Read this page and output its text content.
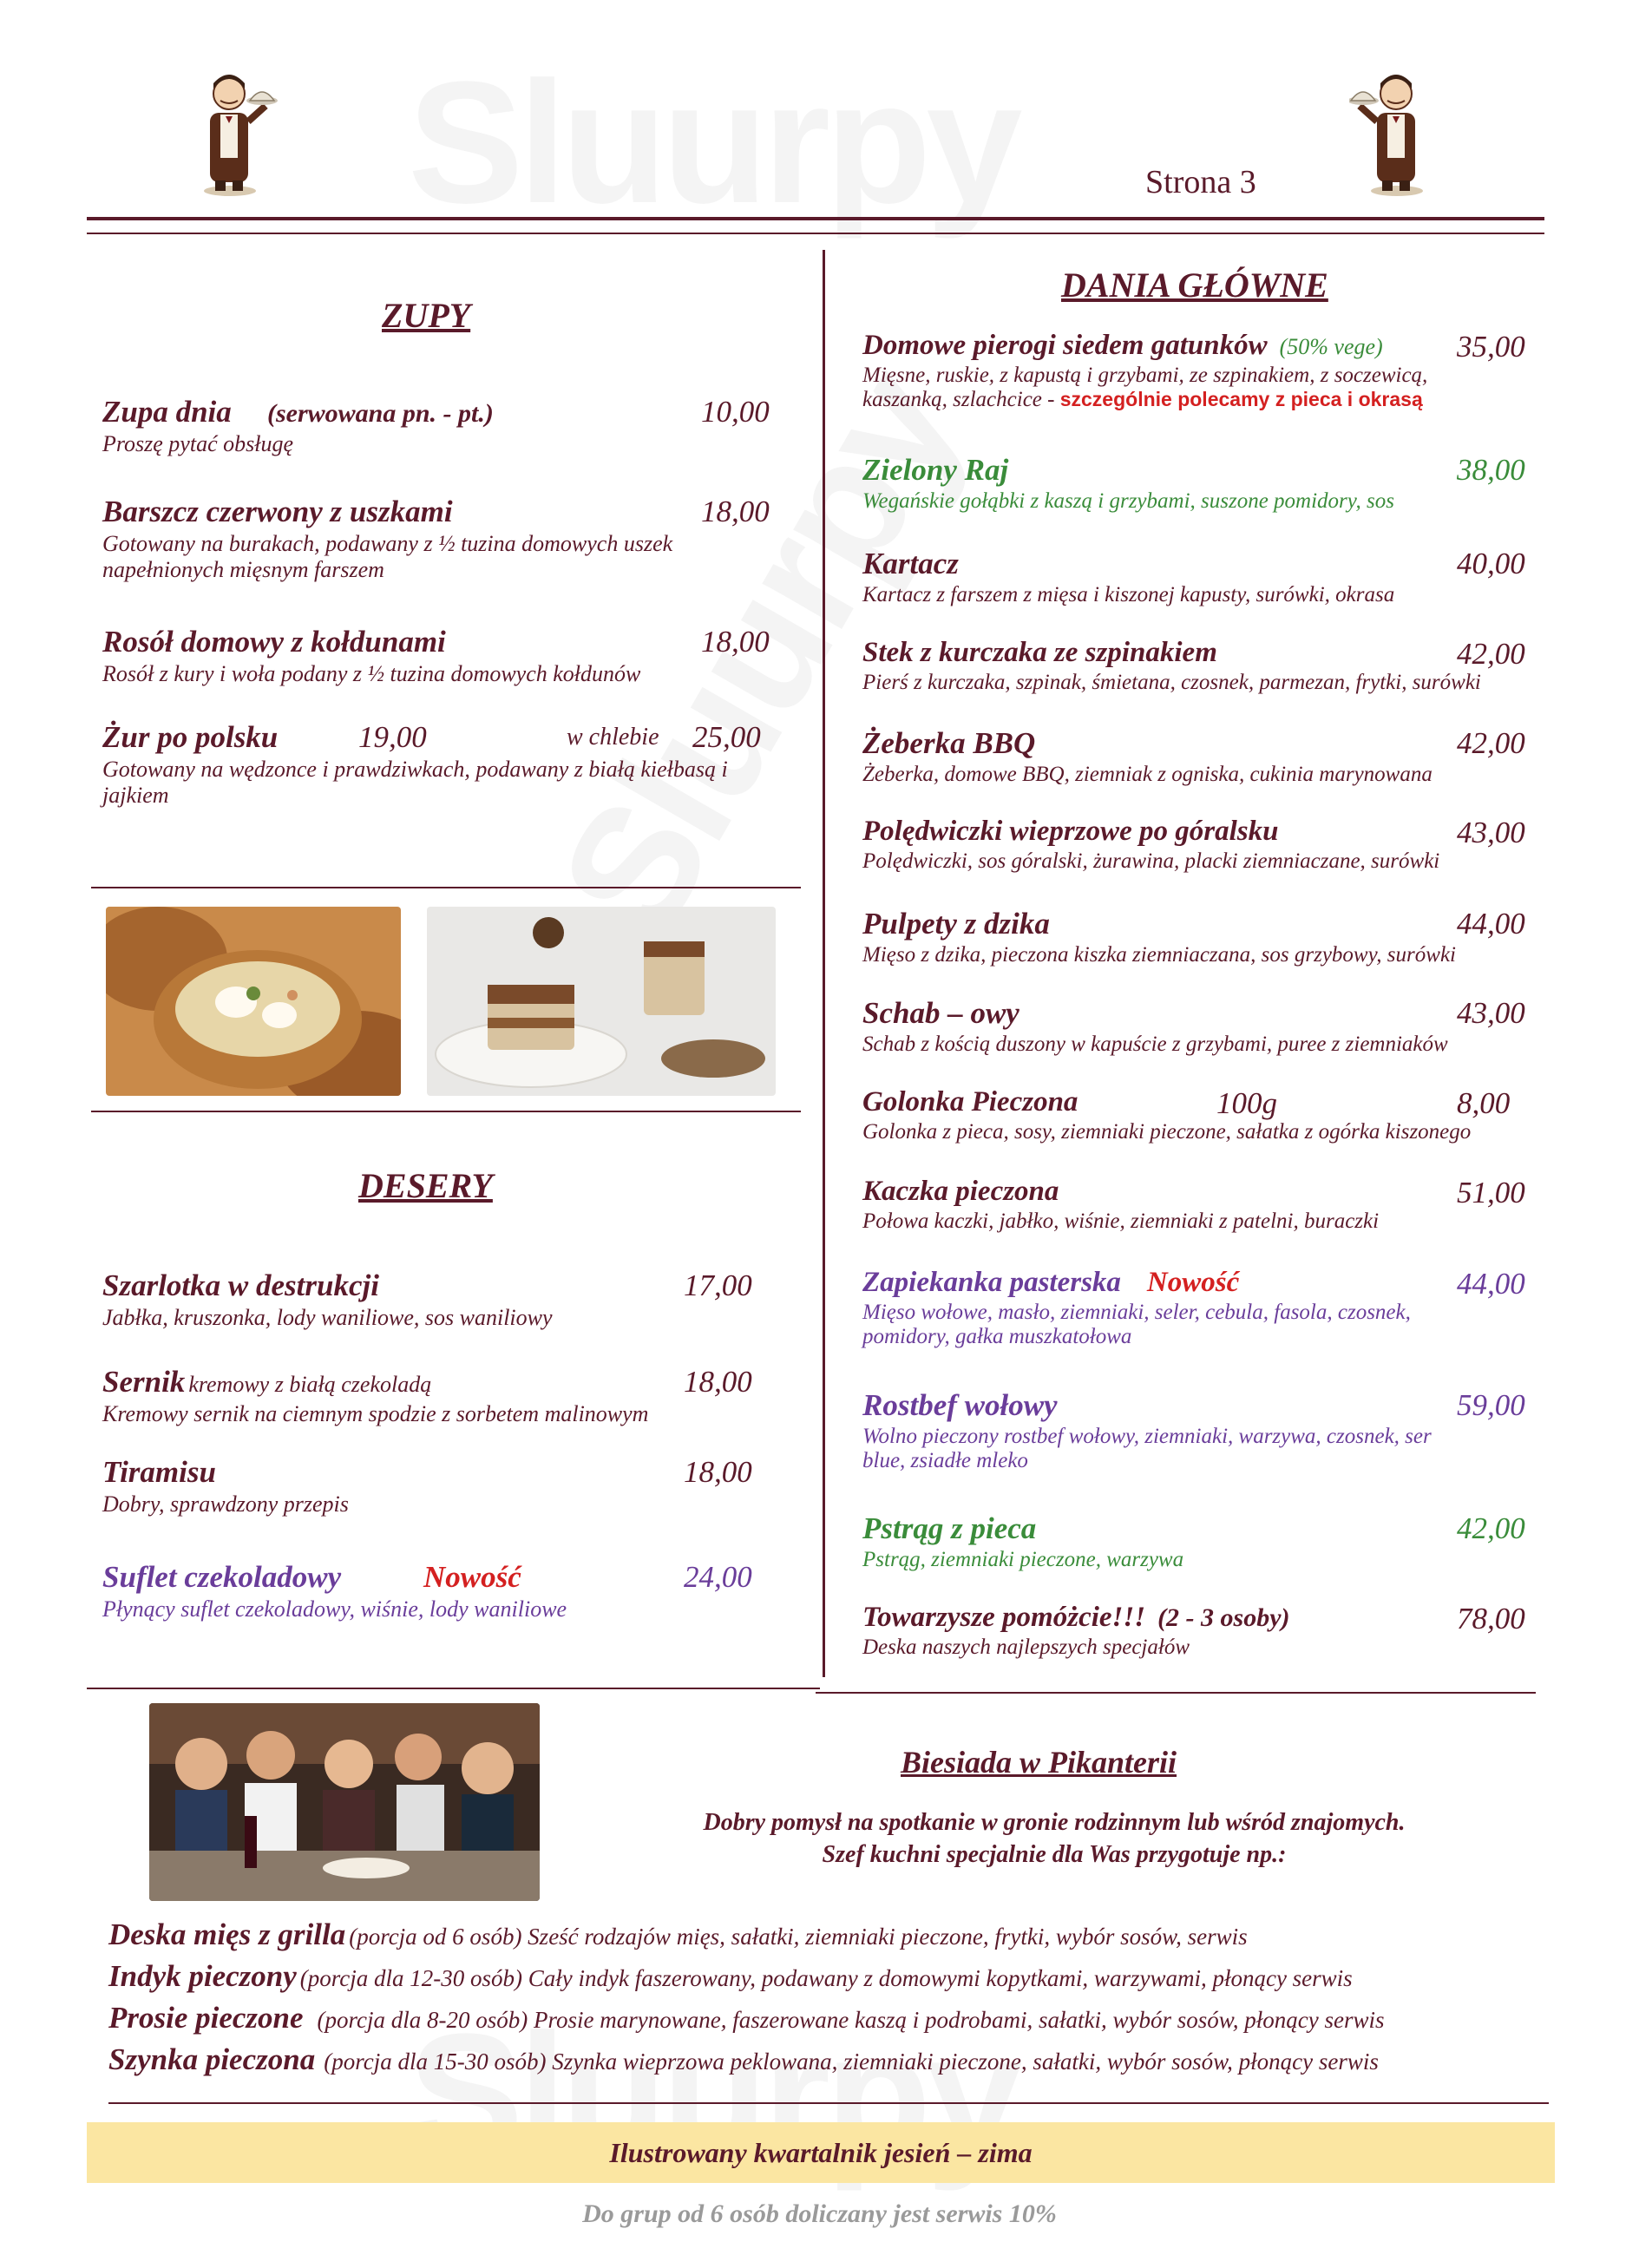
Strona 3
ZUPY
Zupa dnia (serwowana pn. - pt.)	10,00
Proszę pytać obsługę
Barszcz czerwony z uszkami	18,00
Gotowany na burakach, podawany z ½ tuzina domowych uszek
napełnionych mięsnym farszem
Rosół domowy z kołdunami	18,00
Rosół z kury i woła podany z ½ tuzina domowych kołdunów
Żur po polsku	19,00	w chlebie 25,00
Gotowany na wędzonce i prawdziwkach, podawany z białą kiełbasą i
jajkiem
DESERY
Szarlotka w destrukcji	17,00
Jabłka, kruszonka, lody waniliowe, sos waniliowy
Sernik kremowy z białą czekoladą	18,00
Kremowy sernik na ciemnym spodzie z sorbetem malinowym
Tiramisu	18,00
Dobry, sprawdzony przepis
Suflet czekoladowy	Nowość	24,00
Płynący suflet czekoladowy, wiśnie, lody waniliowe
DANIA GŁÓWNE
Domowe pierogi siedem gatunków (50% vege) 35,00
Mięsne, ruskie, z kapustą i grzybami, ze szpinakiem, z soczewicą,
kaszanką, szlachcice - szczególnie polecamy z pieca i okrasą
Zielony Raj	38,00
Wegańskie gołąbki z kaszą i grzybami, suszone pomidory, sos
Kartacz	40,00
Kartacz z farszem z mięsa i kiszonej kapusty, surówki, okrasa
Stek z kurczaka ze szpinakiem	42,00
Pierś z kurczaka, szpinak, śmietana, czosnek, parmezan, frytki, surówki
Żeberka BBQ	42,00
Żeberka, domowe BBQ, ziemniak z ogniska, cukinia marynowana
Polędwiczki wieprzowe po góralsku	43,00
Polędwiczki, sos góralski, żurawina, placki ziemniaczane, surówki
Pulpety z dzika	44,00
Mięso z dzika, pieczona kiszka ziemniaczana, sos grzybowy, surówki
Schab – owy	43,00
Schab z kością duszony w kapuście z grzybami, puree z ziemniaków
Golonka Pieczona	100g	8,00
Golonka z pieca, sosy, ziemniaki pieczone, sałatka z ogórka kiszonego
Kaczka pieczona	51,00
Połowa kaczki, jabłko, wiśnie, ziemniaki z patelni, buraczki
Zapiekanka pasterska Nowość	44,00
Mięso wołowe, masło, ziemniaki, seler, cebula, fasola, czosnek,
pomidory, gałka muszkatołowa
Rostbef wołowy	59,00
Wolno pieczony rostbef wołowy, ziemniaki, warzywa, czosnek, ser
blue, zsiadłe mleko
Pstrąg z pieca	42,00
Pstrąg, ziemniaki pieczone, warzywa
Towarzysze pomóżcie!!! (2 - 3 osoby)	78,00
Deska naszych najlepszych specjałów
Biesiada w Pikanterii
Dobry pomysł na spotkanie w gronie rodzinnym lub wśród znajomych.
Szef kuchni specjalnie dla Was przygotuje np.:
Deska mięs z grilla (porcja od 6 osób) Sześć rodzajów mięs, sałatki, ziemniaki pieczone, frytki, wybór sosów, serwis
Indyk pieczony (porcja dla 12-30 osób) Cały indyk faszerowany, podawany z domowymi kopytkami, warzywami, płonący serwis
Prosie pieczone (porcja dla 8-20 osób) Prosie marynowane, faszerowane kaszą i podrobami, sałatki, wybór sosów, płonący serwis
Szynka pieczona (porcja dla 15-30 osób) Szynka wieprzowa peklowana, ziemniaki pieczone, sałatki, wybór sosów, płonący serwis
Ilustrowany kwartalnik jesień – zima
Do grup od 6 osób doliczany jest serwis 10%
